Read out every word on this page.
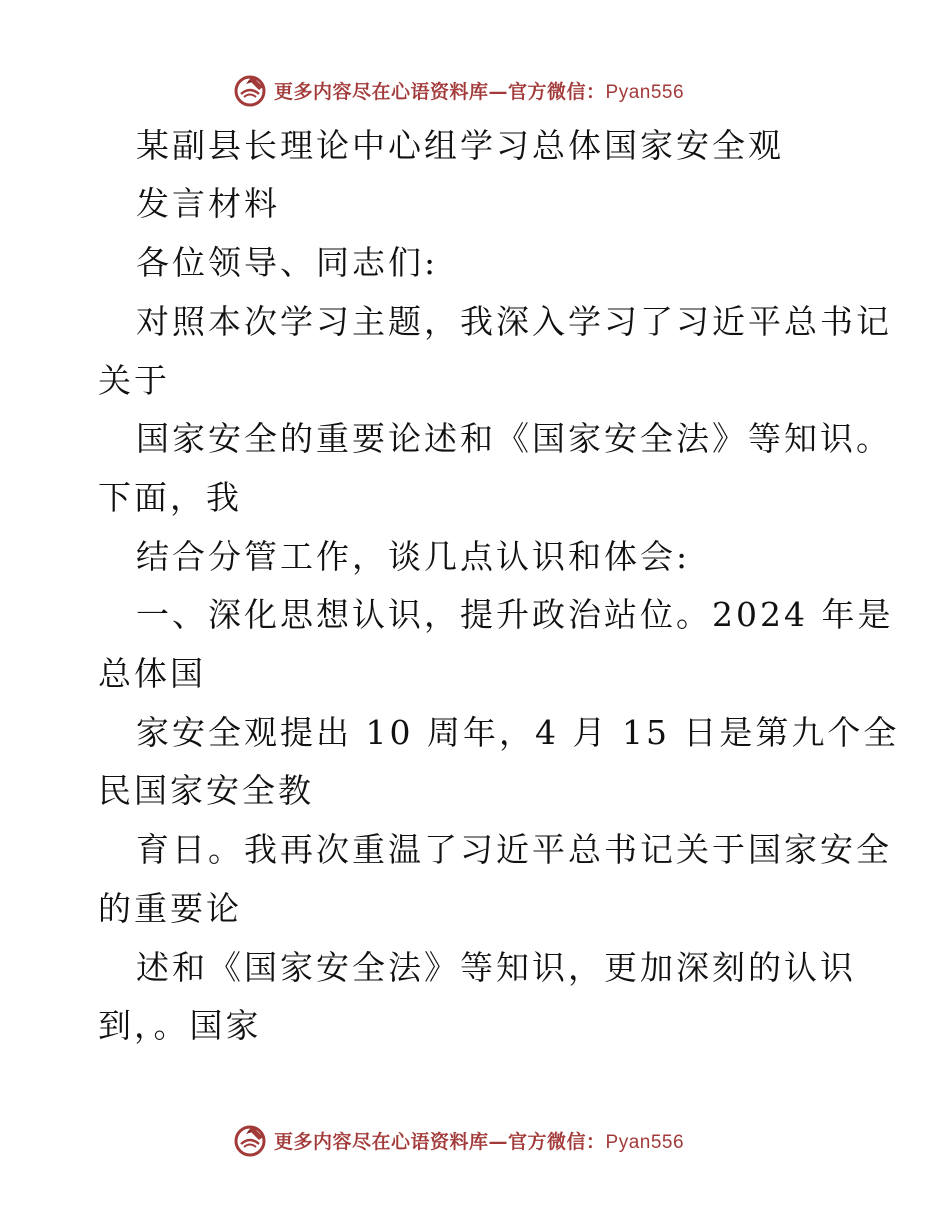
更多内容尽在心语资料库—官方微信：Pyan556
某副县长理论中心组学习总体国家安全观
发言材料
各位领导、同志们:
对照本次学习主题，我深入学习了习近平总书记
关于
国家安全的重要论述和《国家安全法》等知识。
下面，我
结合分管工作，谈几点认识和体会:
一、深化思想认识，提升政治站位。2024 年是
总体国
家安全观提出 10 周年，4 月 15 日是第九个全
民国家安全教
育日。我再次重温了习近平总书记关于国家安全
的重要论
述和《国家安全法》等知识，更加深刻的认识
到，。国家
更多内容尽在心语资料库—官方微信：Pyan556
